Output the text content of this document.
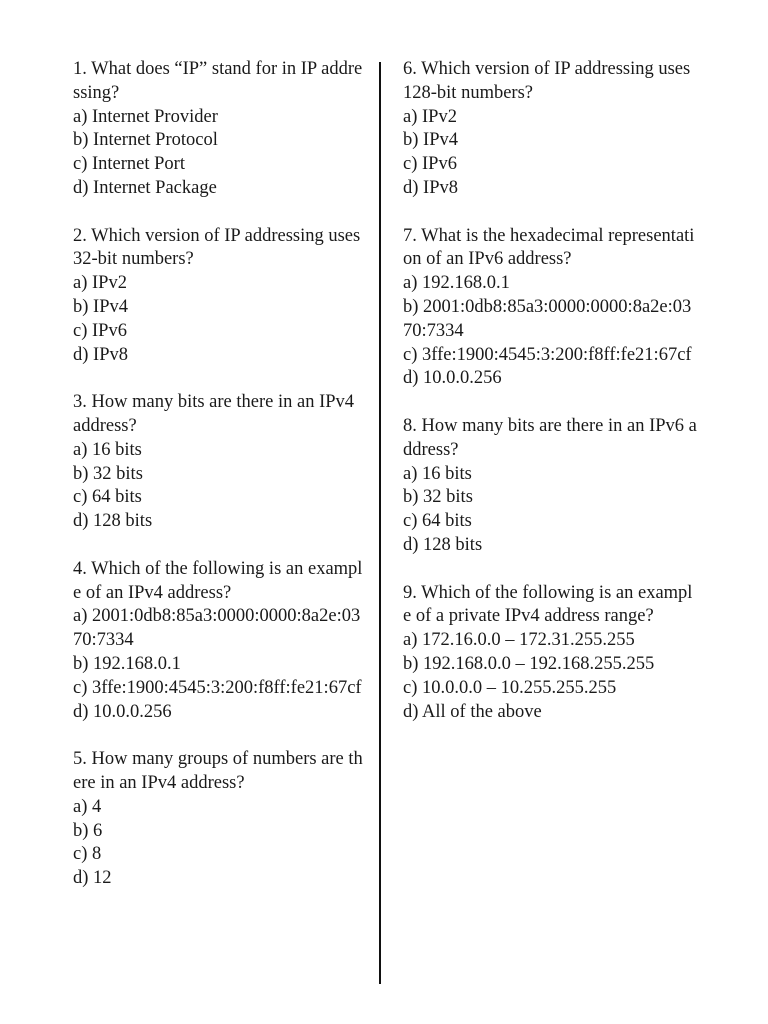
1. What does “IP” stand for in IP addressing?
a) Internet Provider
b) Internet Protocol
c) Internet Port
d) Internet Package
2. Which version of IP addressing uses 32-bit numbers?
a) IPv2
b) IPv4
c) IPv6
d) IPv8
3. How many bits are there in an IPv4 address?
a) 16 bits
b) 32 bits
c) 64 bits
d) 128 bits
4. Which of the following is an example of an IPv4 address?
a) 2001:0db8:85a3:0000:0000:8a2e:0370:7334
b) 192.168.0.1
c) 3ffe:1900:4545:3:200:f8ff:fe21:67cf
d) 10.0.0.256
5. How many groups of numbers are there in an IPv4 address?
a) 4
b) 6
c) 8
d) 12
6. Which version of IP addressing uses 128-bit numbers?
a) IPv2
b) IPv4
c) IPv6
d) IPv8
7. What is the hexadecimal representation of an IPv6 address?
a) 192.168.0.1
b) 2001:0db8:85a3:0000:0000:8a2e:0370:7334
c) 3ffe:1900:4545:3:200:f8ff:fe21:67cf
d) 10.0.0.256
8. How many bits are there in an IPv6 address?
a) 16 bits
b) 32 bits
c) 64 bits
d) 128 bits
9. Which of the following is an example of a private IPv4 address range?
a) 172.16.0.0 – 172.31.255.255
b) 192.168.0.0 – 192.168.255.255
c) 10.0.0.0 – 10.255.255.255
d) All of the above
